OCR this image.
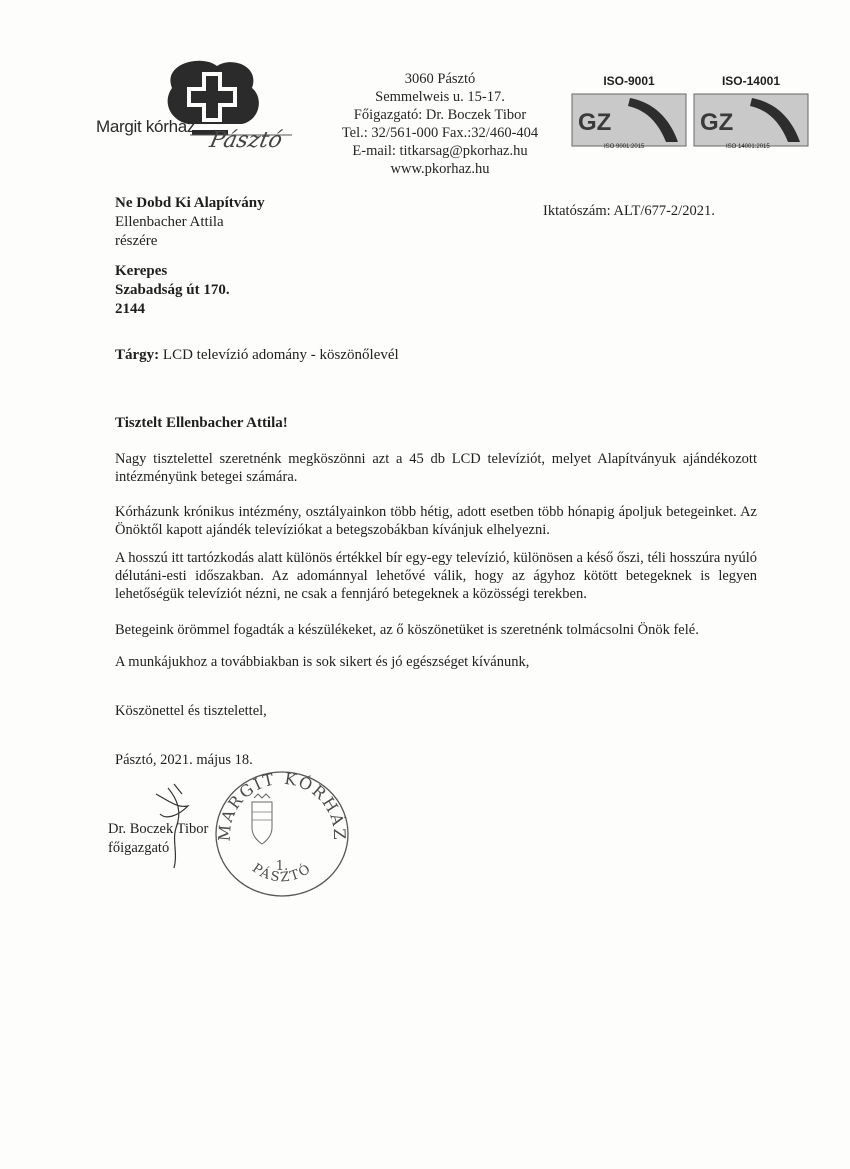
Margit kórház
Pásztó
3060 Pásztó
Semmelweis u. 15-17.
Főigazgató: Dr. Boczek Tibor
Tel.: 32/561-000 Fax.:32/460-404
E-mail: titkarsag@pkorhaz.hu
www.pkorhaz.hu
ISO-9001
GZ
ISO 9001:2015
ISO-14001
GZ
ISO 14001:2015
Ne Dobd Ki Alapítvány
Ellenbacher Attila
részére
Iktatószám: ALT/677-2/2021.
Kerepes
Szabadság út 170.
2144
Tárgy: LCD televízió adomány - köszönőlevél
Tisztelt Ellenbacher Attila!
Nagy tisztelettel szeretnénk megköszönni azt a 45 db LCD televíziót, melyet Alapítványuk ajándékozott intézményünk betegei számára.
Kórházunk krónikus intézmény, osztályainkon több hétig, adott esetben több hónapig ápoljuk betegeinket. Az Önöktől kapott ajándék televíziókat a betegszobákban kívánjuk elhelyezni.
A hosszú itt tartózkodás alatt különös értékkel bír egy-egy televízió, különösen a késő őszi, téli hosszúra nyúló délutáni-esti időszakban. Az adománnyal lehetővé válik, hogy az ágyhoz kötött betegeknek is legyen lehetőségük televíziót nézni, ne csak a fennjáró betegeknek a közösségi terekben.
Betegeink örömmel fogadták a készülékeket, az ő köszönetüket is szeretnénk tolmácsolni Önök felé.
A munkájukhoz a továbbiakban is sok sikert és jó egészséget kívánunk,
Köszönettel és tisztelettel,
Pásztó, 2021. május 18.
Dr. Boczek Tibor
főigazgató
MARGIT KÓRHÁZ
PÁSZTÓ
1.
